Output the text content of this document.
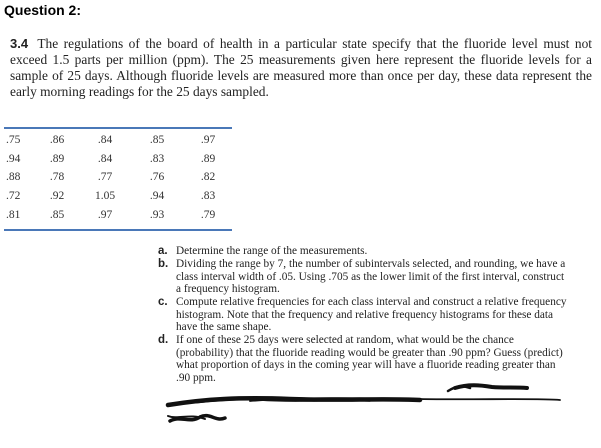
Question 2:
3.4 The regulations of the board of health in a particular state specify that the fluoride level must not exceed 1.5 parts per million (ppm). The 25 measurements given here represent the fluoride levels for a sample of 25 days. Although fluoride levels are measured more than once per day, these data represent the early morning readings for the 25 days sampled.
.75	.86	.84	.85	.97
.94	.89	.84	.83	.89
.88	.78	.77	.76	.82
.72	.92	1.05	.94	.83
.81	.85	.97	.93	.79
a. Determine the range of the measurements.
b. Dividing the range by 7, the number of subintervals selected, and rounding, we have a class interval width of .05. Using .705 as the lower limit of the first interval, construct a frequency histogram.
c. Compute relative frequencies for each class interval and construct a relative frequency histogram. Note that the frequency and relative frequency histograms for these data have the same shape.
d. If one of these 25 days were selected at random, what would be the chance (probability) that the fluoride reading would be greater than .90 ppm? Guess (predict) what proportion of days in the coming year will have a fluoride reading greater than .90 ppm.
